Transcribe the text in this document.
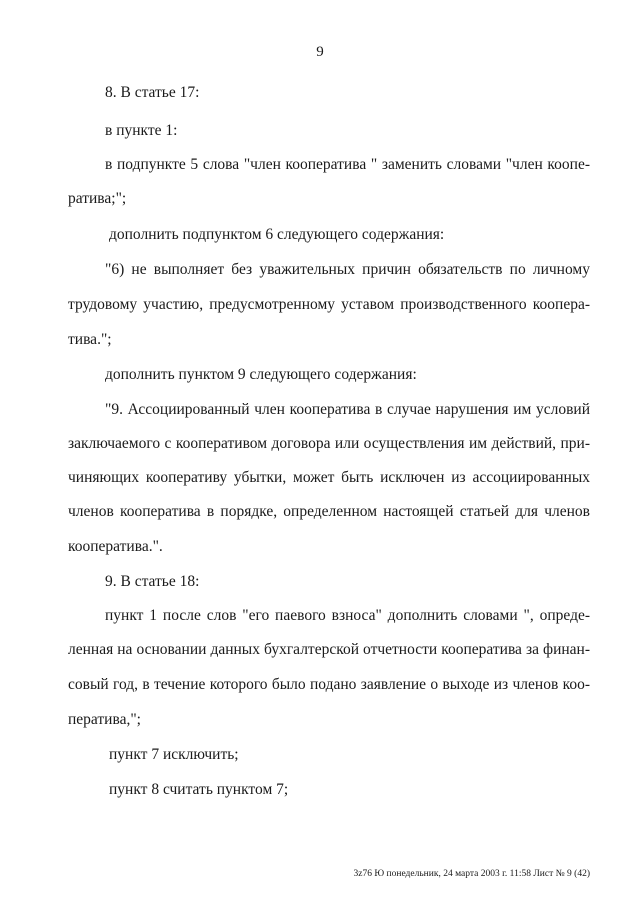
9
8. В статье 17:
в пункте 1:
в подпункте 5 слова "член кооператива " заменить словами "член коопе-
ратива;";
дополнить подпунктом 6 следующего содержания:
"6) не выполняет без уважительных причин обязательств по личному
трудовому участию, предусмотренному уставом производственного коопера-
тива.";
дополнить пунктом 9 следующего содержания:
"9. Ассоциированный член кооператива в случае нарушения им условий
заключаемого с кооперативом договора или осуществления им действий, при-
чиняющих кооперативу убытки, может быть исключен из ассоциированных
членов кооператива в порядке, определенном настоящей статьей для членов
кооператива.".
9. В статье 18:
пункт 1 после слов "его паевого взноса" дополнить словами ", опреде-
ленная на основании данных бухгалтерской отчетности кооператива за финан-
совый год, в течение которого было подано заявление о выходе из членов коо-
ператива,";
пункт 7 исключить;
пункт 8 считать пунктом 7;
3z76 Ю понедельник, 24 марта 2003 г. 11:58 Лист № 9 (42)
